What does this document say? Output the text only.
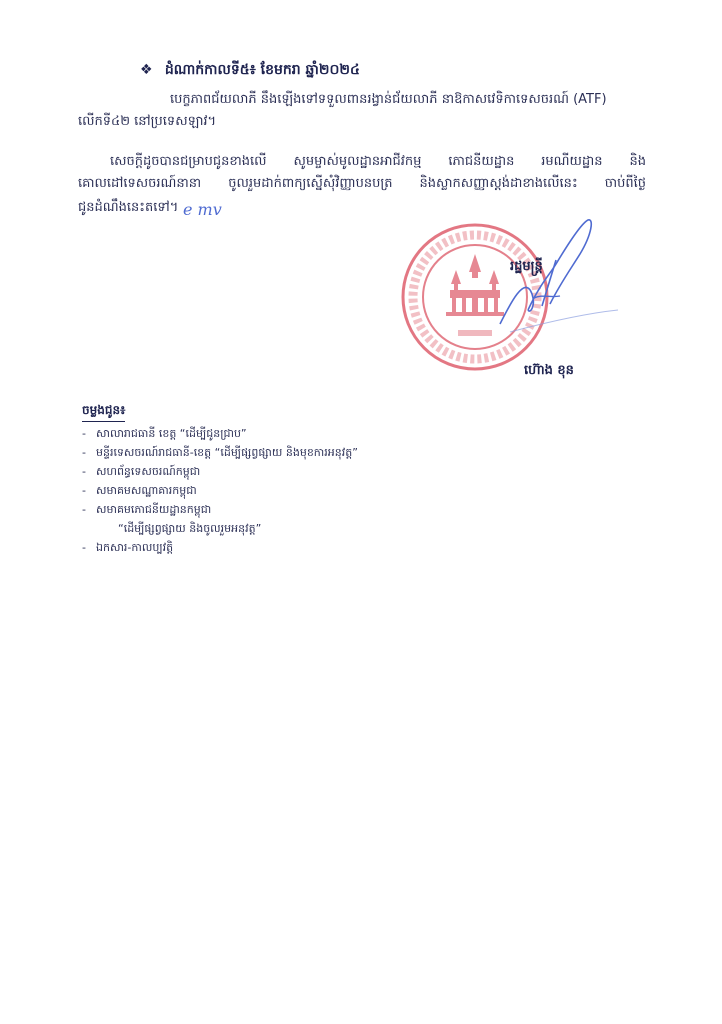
❖ ដំណាក់កាលទី៥៖ ខែមករា ឆ្នាំ២០២៤
បេក្ខភាពជ័យលាភី នឹងឡើងទៅទទួលពានរង្វាន់ជ័យលាភី នាឱកាសវេទិកាទេសចរណ៍ (ATF)
លើកទី៤២ នៅប្រទេសឡាវ។
សេចក្តីដូចបានជម្រាបជូនខាងលើ សូមម្ចាស់មូលដ្ឋានអាជីវកម្ម ភោជនីយដ្ឋាន រមណីយដ្ឋាន និង
គោលដៅទេសចរណ៍នានា ចូលរួមដាក់ពាក្យស្នើសុំវិញ្ញាបនបត្រ និងស្លាកសញ្ញាស្តង់ដាខាងលើនេះ ចាប់ពីថ្ងៃ
ជូនដំណឹងនេះតទៅ។ e mv
រដ្ឋមន្ត្រី
ហ៊ោង ខុន
ចម្លងជូន៖
- សាលារាជធានី ខេត្ត “ដើម្បីជូនជ្រាប”
- មន្ទីរទេសចរណ៍រាជធានី-ខេត្ត “ដើម្បីផ្សព្វផ្សាយ និងមុខការអនុវត្ត”
- សហព័ន្ធទេសចរណ៍កម្ពុជា
- សមាគមសណ្ឋាគារកម្ពុជា
- សមាគមភោជនីយដ្ឋានកម្ពុជា
“ដើម្បីផ្សព្វផ្សាយ និងចូលរួមអនុវត្ត”
- ឯកសារ-កាលប្បវត្តិ
